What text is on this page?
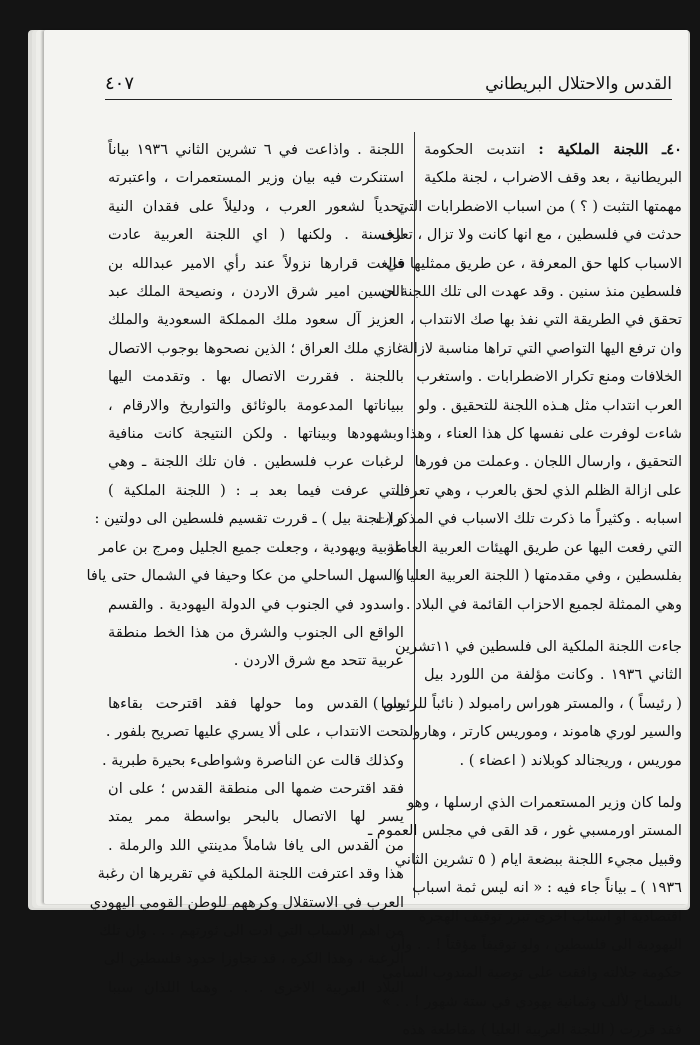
القدس والاحتلال البريطاني
٤٠٧
٤٠ـ اللجنة الملكية : انتدبت الحكومة
البريطانية ، بعد وقف الاضراب ، لجنة ملكية
مهمتها التثبت ( ؟ ) من اسباب الاضطرابات التي
حدثت في فلسطين ، مع انها كانت ولا تزال ، تعرف
الاسباب كلها حق المعرفة ، عن طريق ممثليها في
فلسطين منذ سنين . وقد عهدت الى تلك اللجنة ان
تحقق في الطريقة التي نفذ بها صك الانتداب ،
وان ترفع اليها التواصي التي تراها مناسبة لازالة
الخلافات ومنع تكرار الاضطرابات . واستغرب
العرب انتداب مثل هـذه اللجنة للتحقيق . ولو
شاءت لوفرت على نفسها كل هذا العناء ، وهذا
التحقيق ، وارسال اللجان . وعملت من فورها
على ازالة الظلم الذي لحق بالعرب ، وهي تعرف
اسبابه . وكثيراً ما ذكرت تلك الاسباب في المذكرات
التي رفعت اليها عن طريق الهيئات العربية العاملة
بفلسطين ، وفي مقدمتها ( اللجنة العربية العليا ) .
وهي الممثلة لجميع الاحزاب القائمة في البلاد .
جاءت اللجنة الملكية الى فلسطين في ١١تشرين
الثاني ١٩٣٦ . وكانت مؤلفة من اللورد بيل
( رئيساً ) ، والمستر هوراس رامبولد ( نائباً للرئيس )
والسير لوري هاموند ، وموريس كارتر ، وهارولد
موريس ، وريجنالد كوبلاند ( اعضاء ) .
ولما كان وزير المستعمرات الذي ارسلها ، وهو
المستر اورمسبي غور ، قد القى في مجلس العموم ـ
وقبيل مجيء اللجنة ببضعة ايام ( ٥ تشرين الثاني
١٩٣٦ ) ـ بياناً جاء فيه : « انه ليس ثمة اسباب
اقتصادية او اسباب اخرى تبرر توقيف الهجرة
اليهودية الى فلسطين ، ولو توقيفاً مؤقتاً ! . . وأن
حكومة جلالته وافقت على توصية المندوب السامي
بالسماح لألف وثمانية يهودي في ستة شهور ! . . »
فقد قررت ( اللجنة العربية العليا ) مقاطعة هذه
اللجنة . واذاعت في ٦ تشرين الثاني ١٩٣٦ بياناً
استنكرت فيه بيان وزير المستعمرات ، واعتبرته
تحدياً لشعور العرب ، ودليلاً على فقدان النية
الحسنة . ولكنها ( اي اللجنة العربية عادت
فالغت قرارها نزولاً عند رأي الامير عبدالله بن
الحسين امير شرق الاردن ، ونصيحة الملك عبد
العزيز آل سعود ملك المملكة السعودية والملك
غازي ملك العراق ؛ الذين نصحوها بوجوب الاتصال
باللجنة . فقررت الاتصال بها . وتقدمت اليها
ببياناتها المدعومة بالوثائق والتواريخ والارقام ،
وبشهودها وبيناتها . ولكن النتيجة كانت منافية
لرغبات عرب فلسطين . فان تلك اللجنة ـ وهي
التي عرفت فيما بعد بـ : ( اللجنة الملكية )
و ( لجنة بيل ) ـ قررت تقسيم فلسطين الى دولتين :
عربية ويهودية ، وجعلت جميع الجليل ومرج بن عامر
والسهل الساحلي من عكا وحيفا في الشمال حتى يافا
واسدود في الجنوب في الدولة اليهودية . والقسم
الواقع الى الجنوب والشرق من هذا الخط منطقة
عربية تتحد مع شرق الاردن .
واما القدس وما حولها فقد اقترحت بقاءها
تحت الانتداب ، على ألا يسري عليها تصريح بلفور .
وكذلك قالت عن الناصرة وشواطىء بحيرة طبرية .
فقد اقترحت ضمها الى منطقة القدس ؛ على ان
يسر لها الاتصال بالبحر بواسطة ممر يمتد
من القدس الى يافا شاملاً مدينتي اللد والرملة .
هذا وقد اعترفت اللجنة الملكية في تقريرها ان رغبة
العرب في الاستقلال وكرههم للوطن القومي اليهودي
من اهم الاسباب التي ادت الى ثورتهم . . . وان تلك
الرغبة ، وهذا الكره ، قد تجاوزا حدود فلسطين الى
البلاد العربية الاخرى . . . وهما اللذان سببا
